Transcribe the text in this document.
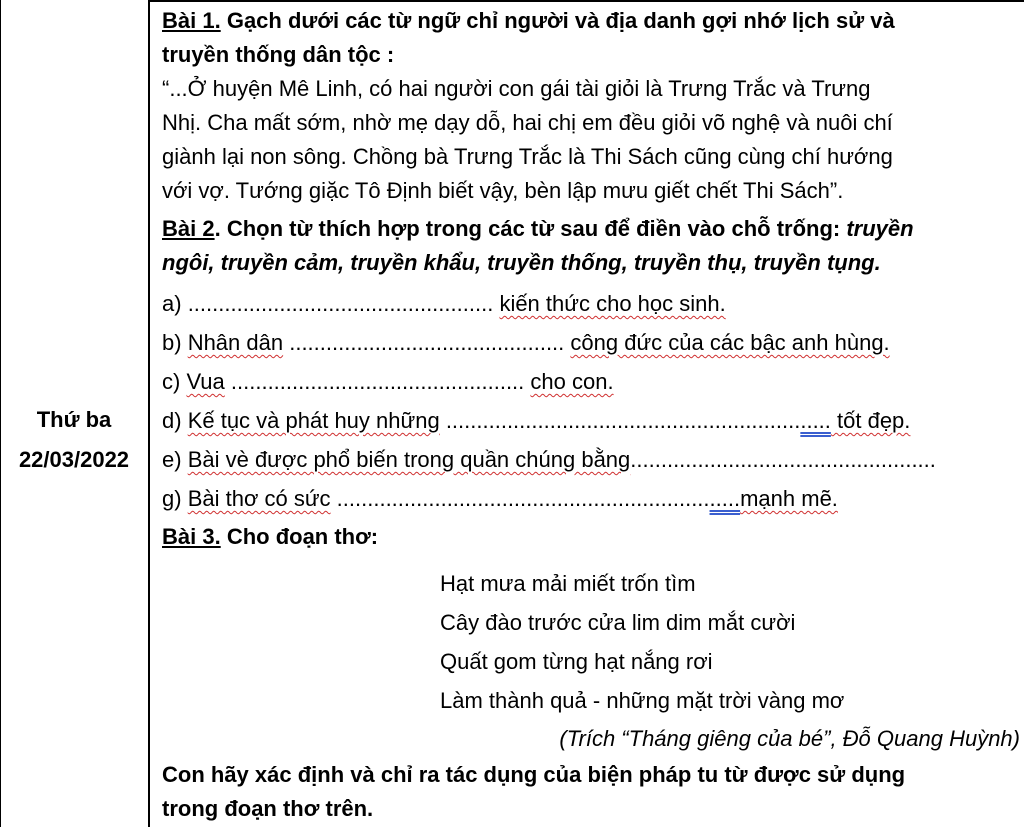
Thứ ba
22/03/2022
Bài 1. Gạch dưới các từ ngữ chỉ người và địa danh gợi nhớ lịch sử và
truyền thống dân tộc :
“...Ở huyện Mê Linh, có hai người con gái tài giỏi là Trưng Trắc và Trưng
Nhị. Cha mất sớm, nhờ mẹ dạy dỗ, hai chị em đều giỏi võ nghệ và nuôi chí
giành lại non sông. Chồng bà Trưng Trắc là Thi Sách cũng cùng chí hướng
với vợ. Tướng giặc Tô Định biết vậy, bèn lập mưu giết chết Thi Sách”.
Bài 2. Chọn từ thích hợp trong các từ sau để điền vào chỗ trống: truyền
ngôi, truyền cảm, truyền khẩu, truyền thống, truyền thụ, truyền tụng.
a) .................................................. kiến thức cho học sinh.
b) Nhân dân ............................................. công đức của các bậc anh hùng.
c) Vua ................................................ cho con.
d) Kế tục và phát huy những ............................................................... tốt đẹp.
e) Bài vè được phổ biến trong quần chúng bằng..................................................
g) Bài thơ có sức ..................................................................mạnh mẽ.
Bài 3. Cho đoạn thơ:
Hạt mưa mải miết trốn tìm
Cây đào trước cửa lim dim mắt cười
Quất gom từng hạt nắng rơi
Làm thành quả - những mặt trời vàng mơ
(Trích “Tháng giêng của bé”, Đỗ Quang Huỳnh)
Con hãy xác định và chỉ ra tác dụng của biện pháp tu từ được sử dụng
trong đoạn thơ trên.
